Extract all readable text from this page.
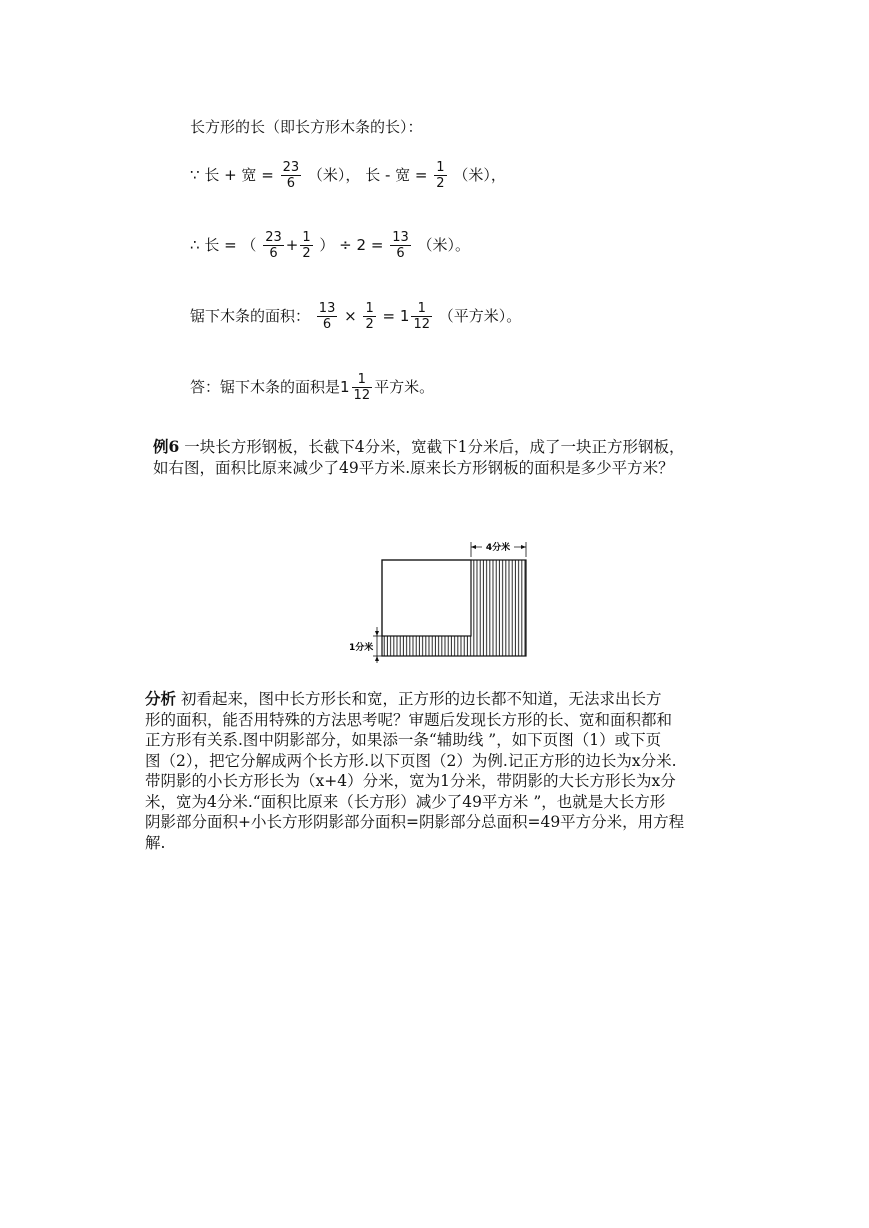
长方形的长（即长方形木条的长）：
∵ 长 + 宽 = $\frac{23}{6}$ （米）， 长 - 宽 = $\frac{1}{2}$ （米），
∴ 长 = （ $\frac{23}{6} + \frac{1}{2}$ ） ÷ $2 = \frac{13}{6}$ （米）。
锯下木条的面积： $\frac{13}{6} \times \frac{1}{2} = 1 \frac{1}{12}$ （平方米）。
答：锯下木条的面积是$1 \frac{1}{12}$ 平方米。
例6 一块长方形钢板，长截下4分米，宽截下1分米后，成了一块正方形钢板，
如右图，面积比原来减少了49平方米.原来长方形钢板的面积是多少平方米？
4分米
1分米
分析 初看起来，图中长方形长和宽，正方形的边长都不知道，无法求出长方
形的面积，能否用特殊的方法思考呢？审题后发现长方形的长、宽和面积都和
正方形有关系.图中阴影部分，如果添一条“辅助线 ”，如下页图（1）或下页
图（2），把它分解成两个长方形.以下页图（2）为例.记正方形的边长为x分米.
带阴影的小长方形长为（x+4）分米，宽为1分米，带阴影的大长方形长为x分
米，宽为4分米.“面积比原来（长方形）减少了49平方米 ”，也就是大长方形
阴影部分面积+小长方形阴影部分面积=阴影部分总面积=49平方分米，用方程
解.
